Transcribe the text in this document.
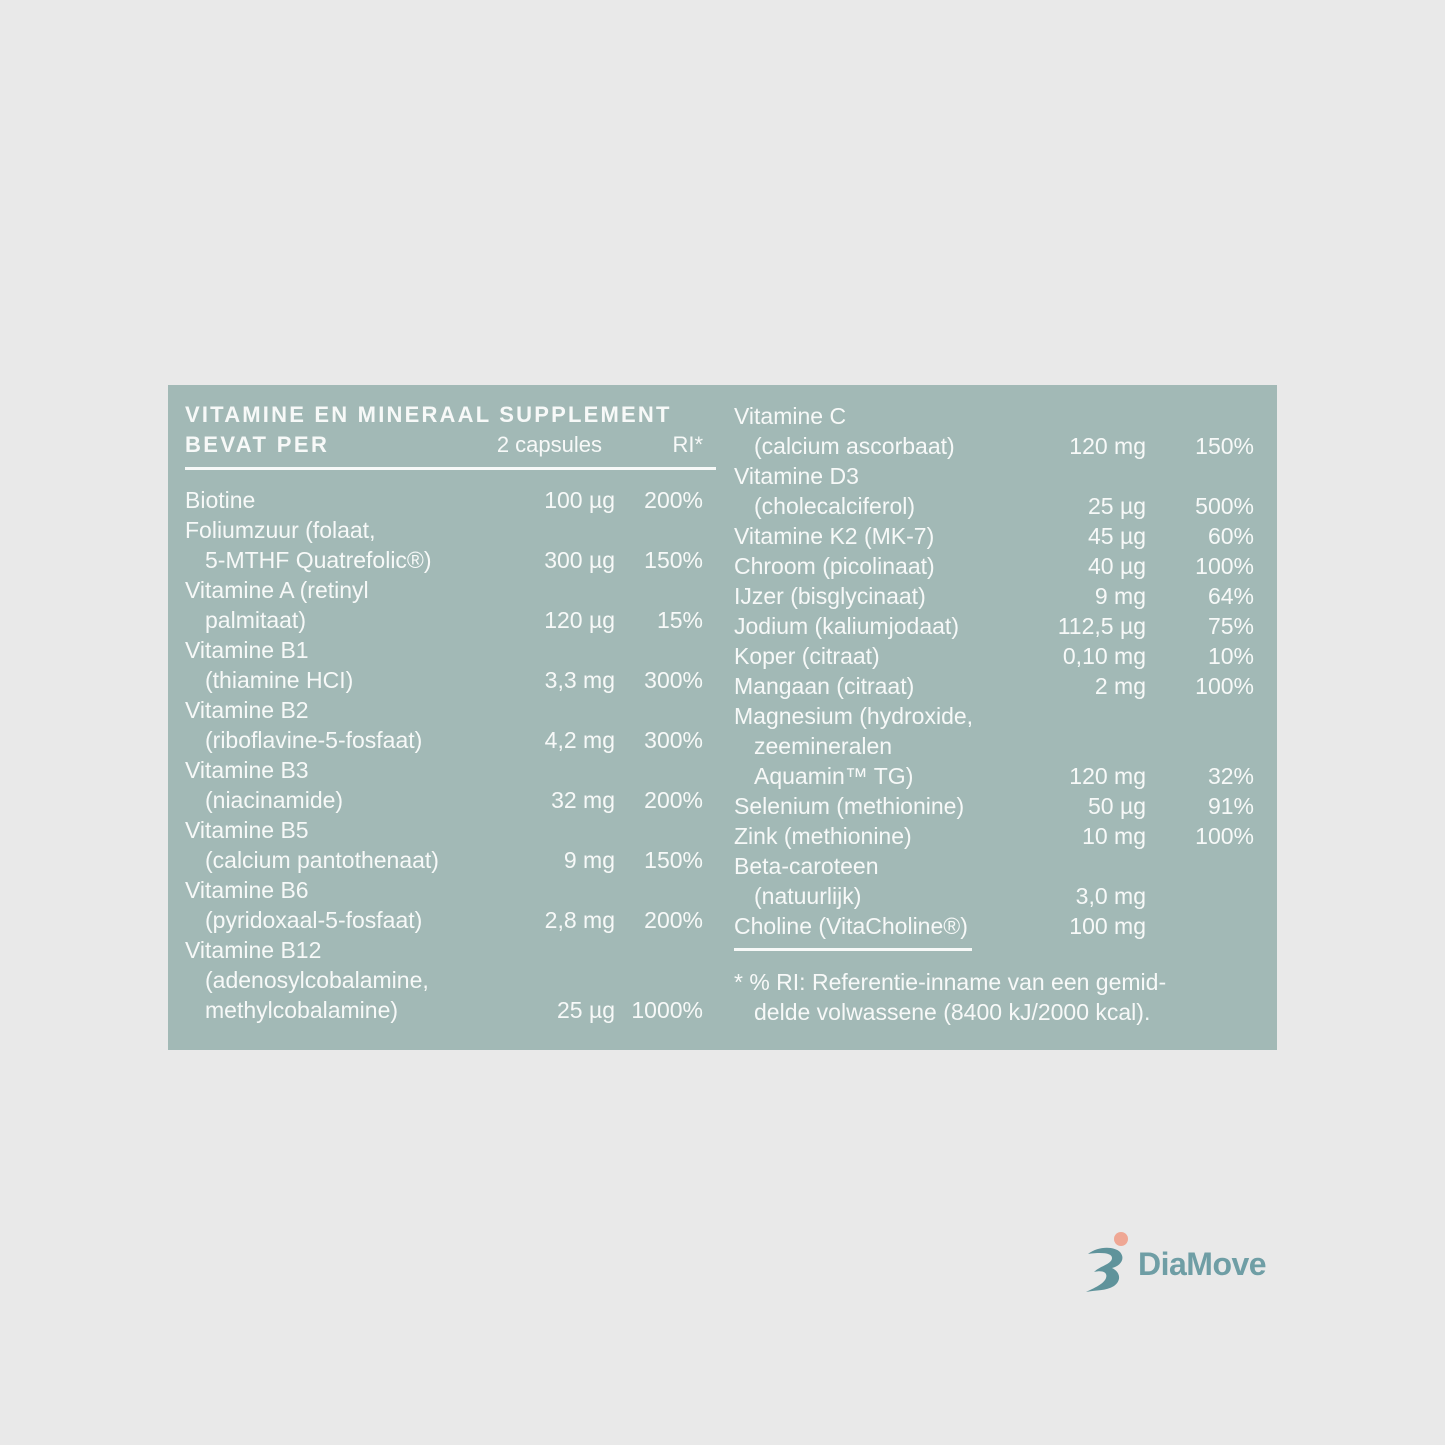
VITAMINE EN MINERAAL SUPPLEMENT
BEVAT PER	2 capsules	RI*
Biotine	100 µg 200%
Foliumzuur (folaat,
5-MTHF Quatrefolic®)	300 µg 150%
Vitamine A (retinyl
palmitaat)	120 µg 15%
Vitamine B1
(thiamine HCI)	3,3 mg 300%
Vitamine B2
(riboflavine-5-fosfaat)	4,2 mg 300%
Vitamine B3
(niacinamide)	32 mg 200%
Vitamine B5
(calcium pantothenaat)	9 mg 150%
Vitamine B6
(pyridoxaal-5-fosfaat)	2,8 mg 200%
Vitamine B12
(adenosylcobalamine,
methylcobalamine)	25 µg 1000%
Vitamine C
(calcium ascorbaat)	120 mg 150%
Vitamine D3
(cholecalciferol)	25 µg 500%
Vitamine K2 (MK-7)	45 µg	60%
Chroom (picolinaat)	40 µg 100%
IJzer (bisglycinaat)	9 mg	64%
Jodium (kaliumjodaat)	112,5 µg	75%
Koper (citraat)	0,10 mg	10%
Mangaan (citraat)	2 mg 100%
Magnesium (hydroxide,
zeemineralen
Aquamin™ TG)	120 mg	32%
Selenium (methionine)	50 µg	91%
Zink (methionine)	10 mg 100%
Beta-caroteen
(natuurlijk)	3,0 mg
Choline (VitaCholine®)	100 mg
* % RI: Referentie-inname van een gemid-
delde volwassene (8400 kJ/2000 kcal).
DiaMove
